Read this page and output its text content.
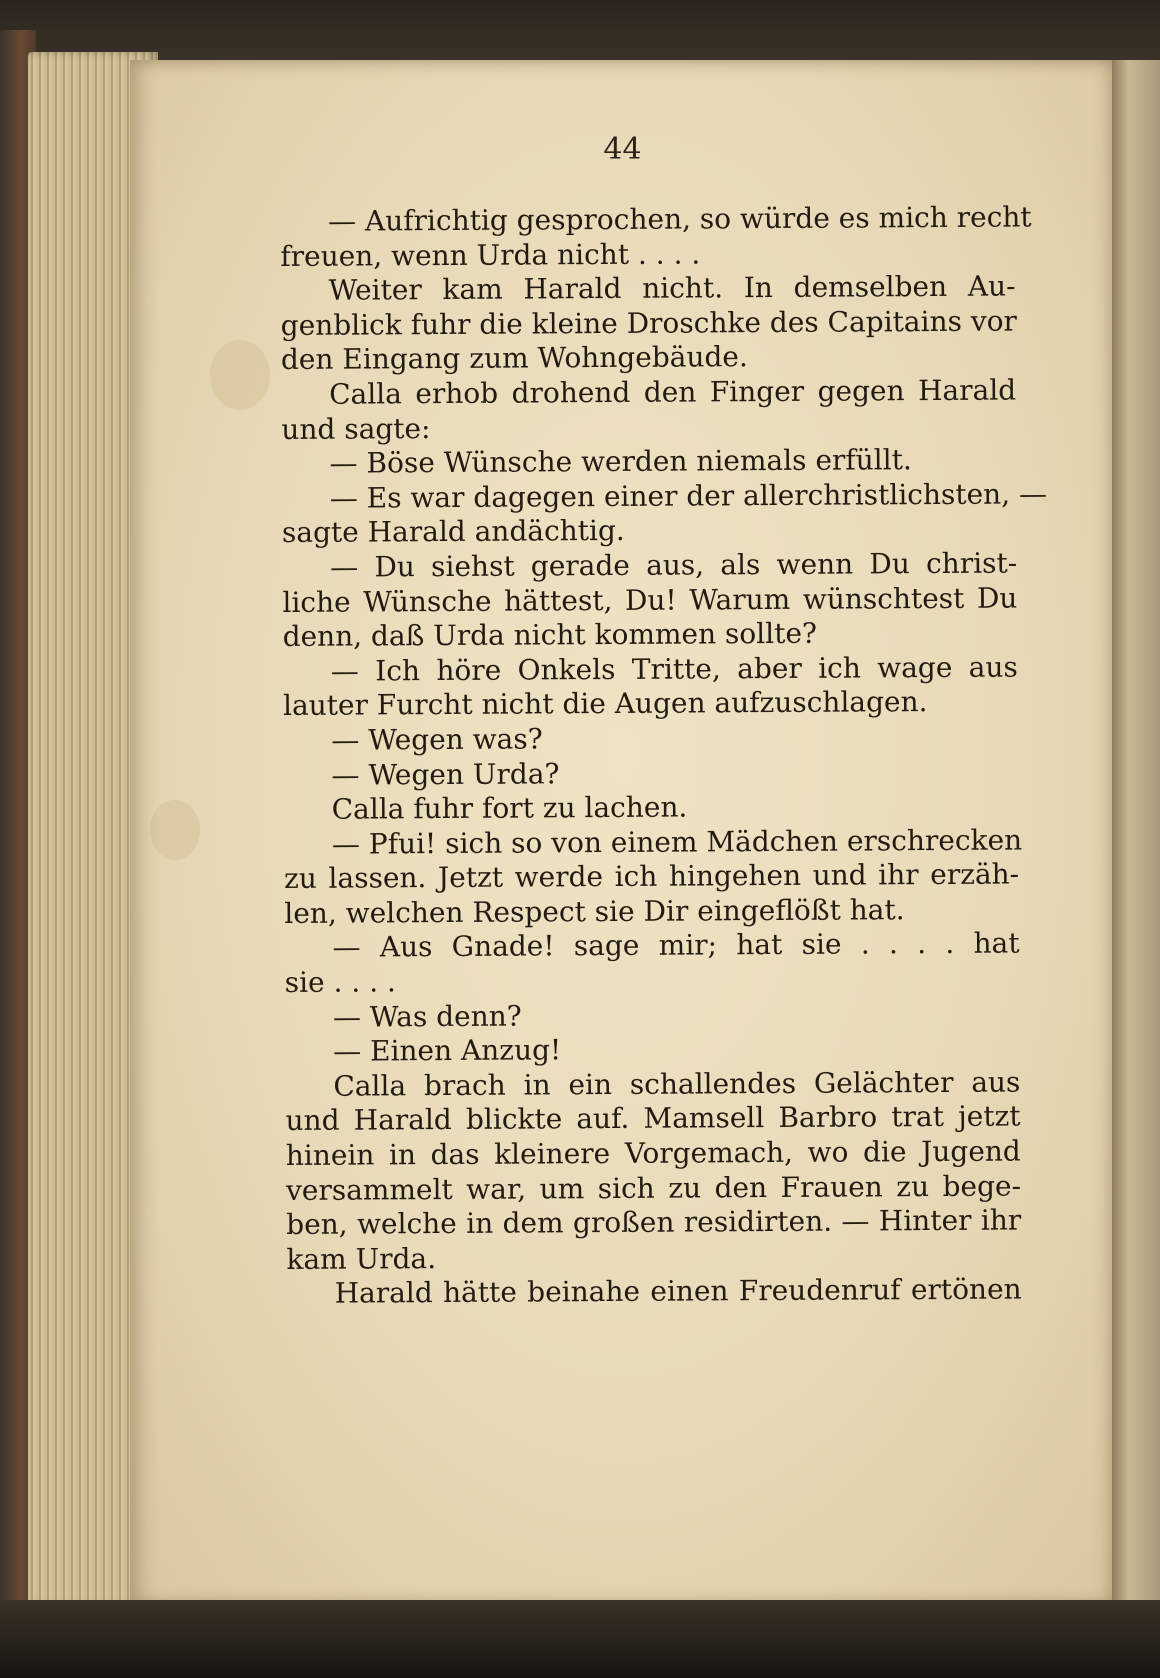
44
— Aufrichtig gesprochen, so würde es mich recht
freuen, wenn Urda nicht . . . .
Weiter kam Harald nicht. In demselben Au-
genblick fuhr die kleine Droschke des Capitains vor
den Eingang zum Wohngebäude.
Calla erhob drohend den Finger gegen Harald
und sagte:
— Böse Wünsche werden niemals erfüllt.
— Es war dagegen einer der allerchristlichsten, —
sagte Harald andächtig.
— Du siehst gerade aus, als wenn Du christ-
liche Wünsche hättest, Du! Warum wünschtest Du
denn, daß Urda nicht kommen sollte?
— Ich höre Onkels Tritte, aber ich wage aus
lauter Furcht nicht die Augen aufzuschlagen.
— Wegen was?
— Wegen Urda?
Calla fuhr fort zu lachen.
— Pfui! sich so von einem Mädchen erschrecken
zu lassen. Jetzt werde ich hingehen und ihr erzäh-
len, welchen Respect sie Dir eingeflößt hat.
— Aus Gnade! sage mir; hat sie . . . . hat
sie . . . .
— Was denn?
— Einen Anzug!
Calla brach in ein schallendes Gelächter aus
und Harald blickte auf. Mamsell Barbro trat jetzt
hinein in das kleinere Vorgemach, wo die Jugend
versammelt war, um sich zu den Frauen zu bege-
ben, welche in dem großen residirten. — Hinter ihr
kam Urda.
Harald hätte beinahe einen Freudenruf ertönen
